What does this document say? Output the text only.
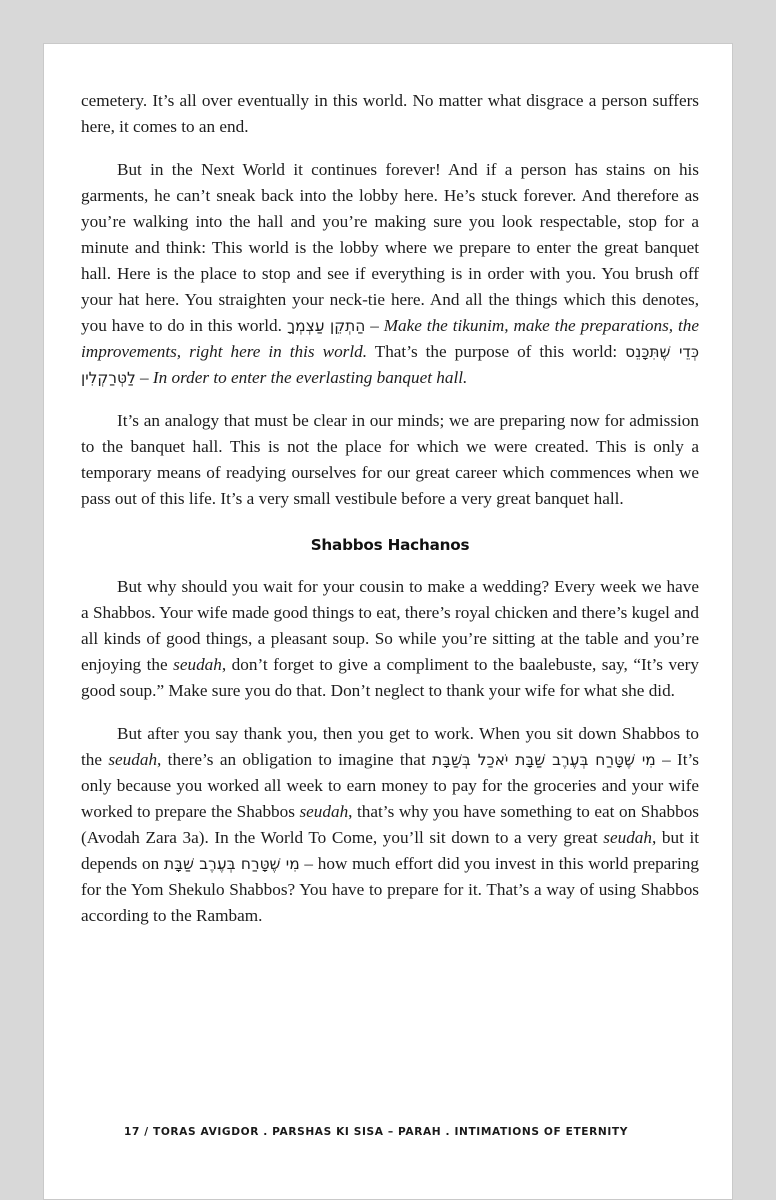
cemetery. It’s all over eventually in this world. No matter what disgrace a person suffers here, it comes to an end.

But in the Next World it continues forever! And if a person has stains on his garments, he can’t sneak back into the lobby here. He’s stuck forever. And therefore as you’re walking into the hall and you’re making sure you look respectable, stop for a minute and think: This world is the lobby where we prepare to enter the great banquet hall. Here is the place to stop and see if everything is in order with you. You brush off your hat here. You straighten your neck-tie here. And all the things which this denotes, you have to do in this world. הַתְקֵן עַצְמְךָ – Make the tikunim, make the preparations, the improvements, right here in this world. That’s the purpose of this world: כְּדֵי שֶׁתִּכָּנֵס לַטְּרַקְלִין – In order to enter the everlasting banquet hall.

It’s an analogy that must be clear in our minds; we are preparing now for admission to the banquet hall. This is not the place for which we were created. This is only a temporary means of readying ourselves for our great career which commences when we pass out of this life. It’s a very small vestibule before a very great banquet hall.

Shabbos Hachanos

But why should you wait for your cousin to make a wedding? Every week we have a Shabbos. Your wife made good things to eat, there’s royal chicken and there’s kugel and all kinds of good things, a pleasant soup. So while you’re sitting at the table and you’re enjoying the seudah, don’t forget to give a compliment to the baalebuste, say, “It’s very good soup.” Make sure you do that. Don’t neglect to thank your wife for what she did.

But after you say thank you, then you get to work. When you sit down Shabbos to the seudah, there’s an obligation to imagine that מִי שֶׁטָּרַח בְּעֶרֶב שַׁבָּת יֹאכַל בְּשַׁבָּת – It’s only because you worked all week to earn money to pay for the groceries and your wife worked to prepare the Shabbos seudah, that’s why you have something to eat on Shabbos (Avodah Zara 3a). In the World To Come, you’ll sit down to a very great seudah, but it depends on מִי שֶׁטָּרַח בְּעֶרֶב שַׁבָּת – how much effort did you invest in this world preparing for the Yom Shekulo Shabbos? You have to prepare for it. That’s a way of using Shabbos according to the Rambam.

17 / TORAS AVIGDOR . PARSHAS KI SISA – PARAH . INTIMATIONS OF ETERNITY
